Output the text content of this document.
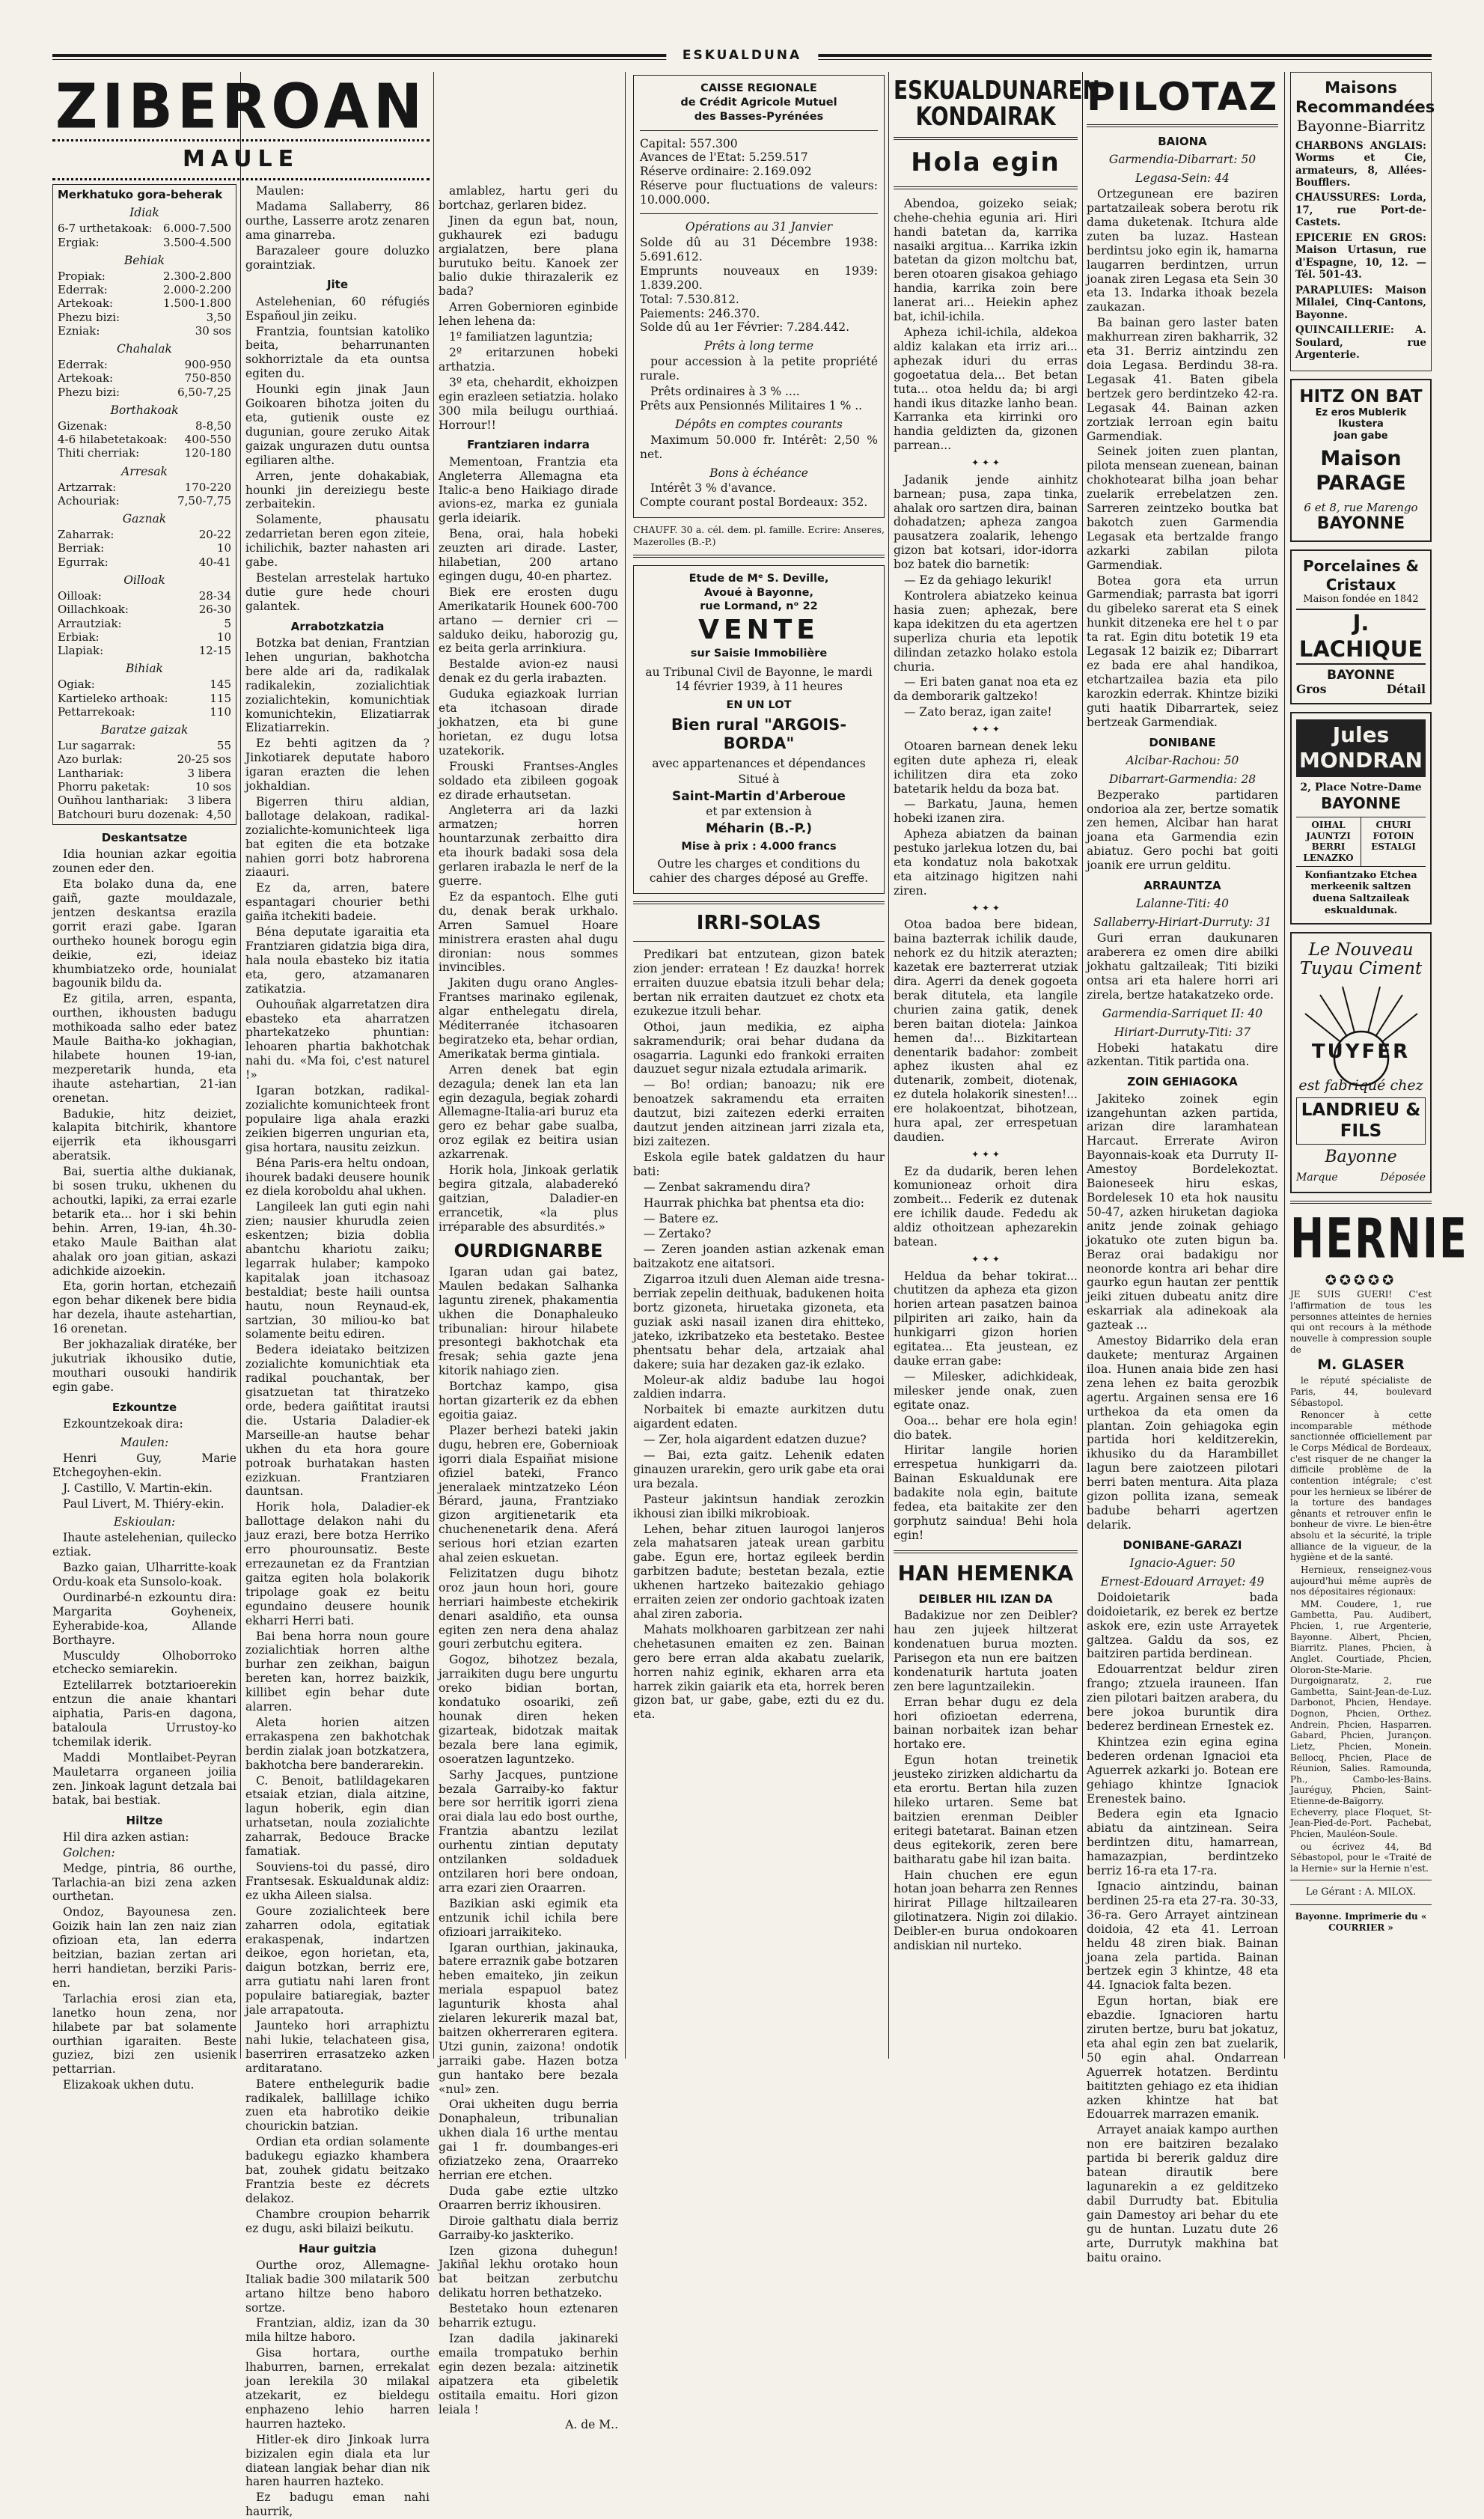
ESKUALDUNA
ZIBEROAN
MAULE
Merkhatuko gora-beherak
Idiak
6-7 urthetakoak: 6.000-7.500
Ergiak:	3.500-4.500
Behiak
Propiak:	2.300-2.800
Ederrak:	2.000-2.200
Artekoak:	1.500-1.800
Phezu bizi:	3,50
Ezniak:	30 sos
Chahalak
Ederrak:	900-950
Artekoak:	750-850
Phezu bizi:	6,50-7,25
Borthakoak
Gizenak:	8-8,50
4-6 hilabetetakoak: 400-550
Thiti cherriak:	120-180
Arresak
Artzarrak:	170-220
Achouriak:	7,50-7,75
Gaznak
Zaharrak:	20-22
Berriak:	10
Egurrak:	40-41
Oilloak
Oilloak:	28-34
Oillachkoak:	26-30
Arrautziak:	5
Erbiak:	10
Llapiak:	12-15
Bihiak
Ogiak:	145
Kartieleko arthoak:	115
Pettarrekoak:	110
Baratze gaizak
Lur sagarrak:	55
Azo burlak:	20-25 sos
Lanthariak:	3 libera
Phorru paketak:	10 sos
Ouñhou lanthariak: 3 libera
Batchouri buru dozenak: 4,50
Deskantsatze
Idia hounian azkar egoitia zounen eder den.
Eta bolako duna da, ene gaiñ, gazte mouldazale, jentzen deskantsa erazila gorrit erazi gabe. Igaran ourtheko hounek borogu egin deikie, ezi, ideiaz khumbiatzeko orde, hounialat bagounik bildu da.
Ez gitila, arren, espanta, ourthen, ikhousten badugu mothikoada salho eder batez Maule Baitha-ko jokhagian, hilabete hounen 19-ian, mezperetarik hunda, eta ihaute astehartian, 21-ian orenetan.
Badukie, hitz deiziet, kalapita bitchirik, khantore eijerrik eta ikhousgarri aberatsik.
Bai, suertia althe dukianak, bi sosen truku, ukhenen du achoutki, lapiki, za errai ezarle betarik eta... hor i ski behin behin. Arren, 19-ian, 4h.30-etako Maule Baithan alat ahalak oro joan gitian, askazi adichkide aizoekin.
Eta, gorin hortan, etchezaiñ egon behar dikenek bere bidia har dezela, ihaute astehartian, 16 orenetan.
Ber jokhazaliak diratéke, ber jukutriak ikhousiko dutie, mouthari ousouki handirik egin gabe.
Ezkountze
Ezkountzekoak dira:
Maulen:
Henri Guy, Marie Etchegoyhen-ekin.
J. Castillo, V. Martin-ekin.
Paul Livert, M. Thiéry-ekin.
Eskioulan:
Ihaute astelehenian, quilecko eztiak.
Bazko gaian, Ulharritte-koak Ordu-koak eta Sunsolo-koak.
Ourdinarbé-n ezkountu dira: Margarita Goyheneix, Eyherabide-koa, Allande Borthayre.
Musculdy Olhoborroko etchecko semiarekin.
Eztelilarrek botztarioerekin entzun die anaie khantari aiphatia, Paris-en dagona, bataloula Urrustoy-ko tchemilak iderik.
Maddi Montlaibet-Peyran Mauletarra organeen joilia zen. Jinkoak lagunt detzala bai batak, bai bestiak.
Hiltze
Hil dira azken astian:
Golchen:
Medge, pintria, 86 ourthe, Tarlachia-an bizi zena azken ourthetan.
Ondoz, Bayounesa zen. Goizik hain lan zen naiz zian ofizioan eta, lan ederra beitzian, bazian zertan ari herri handietan, berziki Paris-en.
Tarlachia erosi zian eta, lanetko houn zena, nor hilabete par bat solamente ourthian igaraiten. Beste guziez, bizi zen usienik pettarrian.
Elizakoak ukhen dutu.
Maulen:
Madama Sallaberry, 86 ourthe, Lasserre arotz zenaren ama ginarreba.
Barazaleer goure doluzko goraintziak.
Jite
Astelehenian, 60 réfugiés Españoul jin zeiku.
Frantzia, fountsian katoliko beita, beharrunanten sokhorriztale da eta ountsa egiten du.
Hounki egin jinak Jaun Goikoaren bihotza joiten du eta, gutienik ouste ez dugunian, goure zeruko Aitak gaizak ungurazen dutu ountsa egiliaren althe.
Arren, jente dohakabiak, hounki jin dereiziegu beste zerbaitekin.
Solamente, phausatu zedarrietan beren egon ziteie, ichilichik, bazter nahasten ari gabe.
Bestelan arrestelak hartuko dutie gure hede chouri galantek.
Arrabotzkatzia
Botzka bat denian, Frantzian lehen ungurian, bakhotcha bere alde ari da, radikalak radikalekin, zozialichtiak zozialichtekin, komunichtiak komunichtekin, Elizatiarrak Elizatiarrekin.
Ez behti agitzen da ? Jinkotiarek deputate haboro igaran erazten die lehen jokhaldian.
Bigerren thiru aldian, ballotage delakoan, radikal-zozialichte-komunichteek liga bat egiten die eta botzake nahien gorri botz habrorena ziaauri.
Ez da, arren, batere espantagari chourier bethi gaiña itchekiti badeie.
Béna deputate igaraitia eta Frantziaren gidatzia biga dira, hala noula ebasteko biz itatia eta, gero, atzamanaren zatikatzia.
Ouhouñak algarretatzen dira ebasteko eta aharratzen phartekatzeko phuntian: lehoaren phartia bakhotchak nahi du. «Ma foi, c'est naturel !»
Igaran botzkan, radikal-zozialichte komunichteek front populaire liga ahala erazki zeikien bigerren ungurian eta, gisa hortara, nausitu zeizkun.
Béna Paris-era heltu ondoan, ihourek badaki deusere hounik ez diela koroboldu ahal ukhen.
Langileek lan guti egin nahi zien; nausier khurudla zeien eskentzen; bizia doblia abantchu khariotu zaiku; legarrak hulaber; kampoko kapitalak joan itchasoaz bestaldiat; beste haili ountsa hautu, noun Reynaud-ek, sartzian, 30 miliou-ko bat solamente beitu ediren.
Bedera ideiatako beitzizen zozialichte komunichtiak eta radikal pouchantak, ber gisatzuetan tat thiratzeko orde, bedera gaiñtitat irautsi die. Ustaria Daladier-ek Marseille-an hautse behar ukhen du eta hora goure potroak burhatakan hasten ezizkuan. Frantziaren dauntsan.
Horik hola, Daladier-ek ballottage delakon nahi du jauz erazi, bere botza Herriko erro phourounsatiz. Beste errezaunetan ez da Frantzian gaitza egiten hola bolakorik tripolage goak ez beitu egundaino deusere hounik ekharri Herri bati.
Bai bena horra noun goure zozialichtiak horren althe burhar zen zeikhan, baigun bereten kan, horrez baizkik, killibet egin behar dute alarren.
Aleta horien aitzen errakaspena zen bakhotchak berdin zialak joan botzkatzera, bakhotcha bere banderarekin.
C. Benoit, batlildagekaren etsaiak etzian, diala aitzine, lagun hoberik, egin dian urhatsetan, noula zozialichte zaharrak, Bedouce Bracke famatiak.
Souviens-toi du passé, diro Frantsesak. Eskualdunak aldiz: ez ukha Aileen sialsa.
Goure zozialichteek bere zaharren odola, egitatiak erakaspenak, indartzen deikoe, egon horietan, eta, daigun botzkan, berriz ere, arra gutiatu nahi laren front populaire batiaregiak, bazter jale arrapatouta.
Jaunteko hori arraphiztu nahi lukie, telachateen gisa, baserriren errasatzeko azken arditaratano.
Batere enthelegurik badie radikalek, ballillage ichiko zuen eta habrotiko deikie chourickin batzian.
Ordian eta ordian solamente badukegu egiazko khambera bat, zouhek gidatu beitzako Frantzia beste ez décrets delakoz.
Chambre croupion beharrik ez dugu, aski bilaizi beikutu.
Haur guitzia
Ourthe oroz, Allemagne-Italiak badie 300 milatarik 500 artano hiltze beno haboro sortze.
Frantzian, aldiz, izan da 30 mila hiltze haboro.
Gisa hortara, ourthe lhaburren, barnen, errekalat joan lerekila 30 milakal atzekarit, ez bieldegu enphazeno lehio harren haurren hazteko.
Hitler-ek diro Jinkoak lurra bizizalen egin diala eta lur diatean langiak behar dian nik haren haurren hazteko.
Ez badugu eman nahi haurrik,
amlablez, hartu geri du bortchaz, gerlaren bidez.
Jinen da egun bat, noun, gukhaurek ezi badugu argialatzen, bere plana burutuko beitu. Kanoek zer balio dukie thirazalerik ez bada?
Arren Gobernioren eginbide lehen lehena da:
1º familiatzen laguntzia;
2º eritarzunen hobeki arthatzia.
3º eta, chehardit, ekhoizpen egin erazleen setiatzia. holako 300 mila beilugu ourthiaá. Horrour!!
Frantziaren indarra
Mementoan, Frantzia eta Angleterra Allemagna eta Italic-a beno Haikiago dirade avions-ez, marka ez guniala gerla ideiarik.
Bena, orai, hala hobeki zeuzten ari dirade. Laster, hilabetian, 200 artano egingen dugu, 40-en phartez.
Biek ere erosten dugu Amerikatarik Hounek 600-700 artano — dernier cri — salduko deiku, haborozig gu, ez beita gerla arrinkiura.
Bestalde avion-ez nausi denak ez du gerla irabazten.
Guduka egiazkoak lurrian eta itchasoan dirade jokhatzen, eta bi gune horietan, ez dugu lotsa uzatekorik.
Frouski Frantses-Angles soldado eta zibileen gogoak ez dirade erhautsetan.
Angleterra ari da lazki armatzen; horren hountarzunak zerbaitto dira eta ihourk badaki sosa dela gerlaren irabazla le nerf de la guerre.
Ez da espantoch. Elhe guti du, denak berak urkhalo. Arren Samuel Hoare ministrera erasten ahal dugu dironian: nous sommes invincibles.
Jakiten dugu orano Angles-Frantses marinako egilenak, algar enthelegatu direla, Méditerranée itchasoaren begiratzeko eta, behar ordian, Amerikatak berma gintiala.
Arren denek bat egin dezagula; denek lan eta lan egin dezagula, begiak zohardi Allemagne-Italia-ari buruz eta gero ez behar gabe sualba, oroz egilak ez beitira usian azkarrenak.
Horik hola, Jinkoak gerlatik begira gitzala, alabaderekó gaitzian, Daladier-en errancetik, «la plus irréparable des absurdités.»
OURDIGNARBE
Igaran udan gai batez, Maulen bedakan Salhanka laguntu zirenek, phakamentia ukhen die Donaphaleuko tribunalian: hirour hilabete presontegi bakhotchak eta fresak; sehia gazte jena kitorik nahiago zien.
Bortchaz kampo, gisa hortan gizarterik ez da ebhen egoitia gaiaz.
Plazer berhezi bateki jakin dugu, hebren ere, Gobernioak igorri diala Espaiñat misione ofiziel bateki, Franco jeneralaek mintzatzeko Léon Bérard, jauna, Frantziako gizon argitienetarik eta chuchenenetarik dena. Aferá serious hori etzian ezarten ahal zeien eskuetan.
Felizitatzen dugu bihotz oroz jaun houn hori, goure herriari haimbeste etchekirik denari asaldiño, eta ounsa egiten zen nera dena ahalaz gouri zerbutchu egitera.
Gogoz, bihotzez bezala, jarraikiten dugu bere ungurtu oreko bidian bortan, kondatuko osoariki, zeñ hounak diren heken gizarteak, bidotzak maitak bezala bere lana egimik, osoeratzen laguntzeko.
Sarhy Jacques, puntzione bezala Garraiby-ko faktur bere sor herritik igorri ziena orai diala lau edo bost ourthe, Frantzia abantzu lezilat ourhentu zintian deputaty ontzilanken soldaduek ontzilaren hori bere ondoan, arra ezari zien Oraarren.
Bazikian aski egimik eta entzunik ichil ichila bere ofizioari jarraikiteko.
Igaran ourthian, jakinauka, batere erraznik gabe botzaren heben emaiteko, jin zeikun meriala espapuol batez lagunturik khosta ahal zielaren lekurerik mazal bat, baitzen okherreraren egitera. Utzi gunin, zaizona! ondotik jarraiki gabe. Hazen botza gun hantako bere bezala «nul» zen.
Orai ukheiten dugu berria Donaphaleun, tribunalian ukhen diala 16 urthe mentau gai 1 fr. doumbanges-eri ofiziatzeko zena, Oraarreko herrian ere etchen.
Duda gabe eztie ultzko Oraarren berriz ikhousiren.
Diroie galthatu diala berriz Garraiby-ko jaskteriko.
Izen gizona duhegun! Jakiñal lekhu orotako houn bat beitzan zerbutchu delikatu horren bethatzeko.
Bestetako houn eztenaren beharrik eztugu.
Izan dadila jakinareki emaila trompatuko berhin egin dezen bezala: aitzinetik aipatzera eta gibeletik ostitaila emaitu. Hori gizon leiala !
A. de M..
CAISSE REGIONALE
de Crédit Agricole Mutuel
des Basses-Pyrénées
Capital: 557.300
Avances de l'Etat: 5.259.517
Réserve ordinaire: 2.169.092
Réserve pour fluctuations de valeurs: 10.000.000.
Opérations au 31 Janvier
Solde dû au 31 Décembre 1938: 5.691.612.
Emprunts nouveaux en 1939: 1.839.200.
Total: 7.530.812.
Paiements: 246.370.
Solde dû au 1er Février: 7.284.442.
Prêts à long terme
pour accession à la petite propriété rurale.
Prêts ordinaires à 3 % ....
Prêts aux Pensionnés Militaires 1 % ..
Dépôts en comptes courants
Maximum 50.000 fr. Intérêt: 2,50 % net.
Bons à échéance
Intérêt 3 % d'avance.
Compte courant postal Bordeaux: 352.
CHAUFF. 30 a. cél. dem. pl. famille. Ecrire: Anseres, Mazerolles (B.-P.)
Etude de Mᵉ S. Deville,
Avoué à Bayonne,
rue Lormand, nᵒ 22
VENTE
sur Saisie Immobilière
au Tribunal Civil de Bayonne, le mardi 14 février 1939, à 11 heures
EN UN LOT
Bien rural "ARGOIS-BORDA"
avec appartenances et dépendances
Situé à
Saint-Martin d'Arberoue
et par extension à
Méharin (B.-P.)
Mise à prix : 4.000 francs
Outre les charges et conditions du cahier des charges déposé au Greffe.
IRRI-SOLAS
Predikari bat entzutean, gizon batek zion jender: erratean ! Ez dauzka! horrek erraiten duuzue ebatsia itzuli behar dela; bertan nik erraiten dautzuet ez chotx eta ezukezue itzuli behar.
Othoi, jaun medikia, ez aipha sakramendurik; orai behar dudana da osagarria. Lagunki edo frankoki erraiten dauzuet segur nizala eztudala arimarik.
— Bo! ordian; banoazu; nik ere benoatzek sakramendu eta erraiten dautzut, bizi zaitezen ederki erraiten dautzut jenden aitzinean jarri zizala eta, bizi zaitezen.
Eskola egile batek galdatzen du haur bati:
— Zenbat sakramendu dira?
Haurrak phichka bat phentsa eta dio:
— Batere ez.
— Zertako?
— Zeren joanden astian azkenak eman baitzakotz ene aitatsori.
Zigarroa itzuli duen Aleman aide tresna-berriak zepelin deithuak, badukenen hoita bortz gizoneta, hiruetaka gizoneta, eta guziak aski nasail izanen dira ehitteko, jateko, izkribatzeko eta bestetako. Bestee phentsatu behar dela, artzaiak ahal dakere; suia har dezaken gaz-ik ezlako.
Moleur-ak aldiz badube lau hogoi zaldien indarra.
Norbaitek bi emazte aurkitzen dutu aigardent edaten.
— Zer, hola aigardent edatzen duzue?
— Bai, ezta gaitz. Lehenik edaten ginauzen urarekin, gero urik gabe eta orai ura bezala.
Pasteur jakintsun handiak zerozkin ikhousi zian ibilki mikrobioak.
Lehen, behar zituen laurogoi lanjeros zela mahatsaren jateak urean garbitu gabe. Egun ere, hortaz egileek berdin garbitzen badute; bestetan bezala, eztie ukhenen hartzeko baitezakio gehiago erraiten zeien zer ondorio gachtoak izaten ahal ziren zaboria.
Mahats molkhoaren garbitzean zer nahi chehetasunen emaiten ez zen. Bainan gero bere erran alda akabatu zuelarik, horren nahiz eginik, ekharen arra eta harrek zikin gaiarik eta eta, horrek beren gizon bat, ur gabe, gabe, ezti du ez du. eta.
ESKUALDUNAREN KONDAIRAK
Hola egin
Abendoa, goizeko seiak; chehe-chehia egunia ari. Hiri handi batetan da, karrika nasaiki argitua... Karrika izkin batetan da gizon moltchu bat, beren otoaren gisakoa gehiago handia, karrika zoin bere lanerat ari... Heiekin aphez bat, ichil-ichila.
Apheza ichil-ichila, aldekoa aldiz kalakan eta irriz ari... aphezak iduri du erras gogoetatua dela... Bet betan tuta... otoa heldu da; bi argi handi ikus ditazke lanho bean. Karranka eta kirrinki oro handia geldizten da, gizonen parrean...
✦ ✦ ✦
Jadanik jende ainhitz barnean; pusa, zapa tinka, ahalak oro sartzen dira, bainan dohadatzen; apheza zangoa pausatzera zoalarik, lehengo gizon bat kotsari, idor-idorra boz batek dio barnetik:
— Ez da gehiago lekurik!
Kontrolera abiatzeko keinua hasia zuen; aphezak, bere kapa idekitzen du eta agertzen superliza churia eta lepotik dilindan zetazko holako estola churia.
— Eri baten ganat noa eta ez da demborarik galtzeko!
— Zato beraz, igan zaite!
✦ ✦ ✦
Otoaren barnean denek leku egiten dute apheza ri, eleak ichilitzen dira eta zoko batetarik heldu da boza bat.
— Barkatu, Jauna, hemen hobeki izanen zira.
Apheza abiatzen da bainan pestuko jarlekua lotzen du, bai eta kondatuz nola bakotxak eta aitzinago higitzen nahi ziren.
✦ ✦ ✦
Otoa badoa bere bidean, baina bazterrak ichilik daude, nehork ez du hitzik aterazten; kazetak ere bazterrerat utziak dira. Agerri da denek gogoeta berak ditutela, eta langile churien zaina gatik, denek beren baitan diotela: Jainkoa hemen da!... Bizkitartean denentarik badahor: zombeit aphez ikusten ahal ez dutenarik, zombeit, diotenak, ez dutela holakorik sinesten!... ere holakoentzat, bihotzean, hura apal, zer errespetuan daudien.
✦ ✦ ✦
Ez da dudarik, beren lehen komunioneaz orhoit dira zombeit... Federik ez dutenak ere ichilik daude. Fededu ak aldiz othoitzean aphezarekin batean.
✦ ✦ ✦
Heldua da behar tokirat... chutitzen da apheza eta gizon horien artean pasatzen bainoa pilpiriten ari zaiko, hain da hunkigarri gizon horien egitatea... Eta jeustean, ez dauke erran gabe:
— Milesker, adichkideak, milesker jende onak, zuen egitate onaz.
Ooa... behar ere hola egin! dio batek.
Hiritar langile horien errespetua hunkigarri da. Bainan Eskualdunak ere badakite nola egin, baitute fedea, eta baitakite zer den gorphutz saindua! Behi hola egin!
HAN HEMENKA
DEIBLER HIL IZAN DA
Badakizue nor zen Deibler? hau zen jujeek hiltzerat kondenatuen burua mozten. Parisegon eta nun ere baitzen kondenaturik hartuta joaten zen bere laguntzailekin.
Erran behar dugu ez dela hori ofizioetan ederrena, bainan norbaitek izan behar hortako ere.
Egun hotan treinetik jeusteko zirizken aldichartu da eta erortu. Bertan hila zuzen hileko urtaren. Seme bat baitzien erenman Deibler eritegi batetarat. Bainan etzen deus egitekorik, zeren bere baitharatu gabe hil izan baita.
Hain chuchen ere egun hotan joan beharra zen Rennes hirirat Pillage hiltzailearen gilotinatzera. Nigin zoi dilakio. Deibler-en burua ondokoaren andiskian nil nurteko.
PILOTAZ
BAIONA
Garmendia-Dibarrart: 50
Legasa-Sein: 44
Ortzegunean ere baziren partatzaileak sobera berotu rik dama duketenak. Itchura alde zuten ba luzaz. Hastean berdintsu joko egin ik, hamarna laugarren berdintzen, urrun joanak ziren Legasa eta Sein 30 eta 13. Indarka ithoak bezela zaukazan.
Ba bainan gero laster baten makhurrean ziren bakharrik, 32 eta 31. Berriz aintzindu zen doia Legasa. Berdindu 38-ra. Legasak 41. Baten gibela bertzek gero berdintzeko 42-ra. Legasak 44. Bainan azken zortziak lerroan egin baitu Garmendiak.
Seinek joiten zuen plantan, pilota mensean zuenean, bainan chokhotearat bilha joan behar zuelarik errebelatzen zen. Sarreren zeintzeko boutka bat bakotch zuen Garmendia Legasak eta bertzalde frango azkarki zabilan pilota Garmendiak.
Botea gora eta urrun Garmendiak; parrasta bat igorri du gibeleko sarerat eta S einek hunkit ditzeneka ere hel t o par ta rat. Egin ditu botetik 19 eta Legasak 12 baizik ez; Dibarrart ez bada ere ahal handikoa, etchartzailea bazia eta pilo karozkin ederrak. Khintze biziki guti haatik Dibarrartek, seiez bertzeak Garmendiak.
DONIBANE
Alcibar-Rachou: 50
Dibarrart-Garmendia: 28
Bezperako partidaren ondorioa ala zer, bertze somatik zen hemen, Alcibar han harat joana eta Garmendia ezin abiatuz. Gero pochi bat goiti joanik ere urrun gelditu.
ARRAUNTZA
Lalanne-Titi: 40
Sallaberry-Hiriart-Durruty: 31
Guri erran daukunaren araberera ez omen dire abilki jokhatu galtzaileak; Titi biziki ontsa ari eta halere horri ari zirela, bertze hatakatzeko orde.
Garmendia-Sarriquet II: 40
Hiriart-Durruty-Titi: 37
Hobeki hatakatu dire azkentan. Titik partida ona.
ZOIN GEHIAGOKA
Jakiteko zoinek egin izangehuntan azken partida, arizan dire laramhatean Harcaut. Errerate Aviron Bayonnais-koak eta Durruty II-Amestoy Bordelekoztat. Baioneseek hiru eskas, Bordelesek 10 eta hok nausitu 50-47, azken hiruketan dagioka anitz jende zoinak gehiago jokatuko ote zuten bigun ba. Beraz orai badakigu nor neonorde kontra ari behar dire gaurko egun hautan zer penttik jeiki zituen dubeatu anitz dire eskarriak ala adinekoak ala gazteak ...
Amestoy Bidarriko dela eran daukete; menturaz Argainen iloa. Hunen anaia bide zen hasi zena lehen ez baita gerozbik agertu. Argainen sensa ere 16 urthekoa da eta omen da plantan. Zoin gehiagoka egin partida hori kelditzerekin, ikhusiko du da Harambillet lagun bere zaiotzeen pilotari berri baten mentura. Aita plaza gizon pollita izana, semeak badube beharri agertzen delarik.
DONIBANE-GARAZI
Ignacio-Aguer: 50
Ernest-Edouard Arrayet: 49
Doidoietarik bada doidoietarik, ez berek ez bertze askok ere, ezin uste Arrayetek galtzea. Galdu da sos, ez baitziren partida berdinean.
Edouarrentzat beldur ziren frango; ztzuela irauneen. Ifan zien pilotari baitzen arabera, du bere jokoa buruntik dira bederez berdinean Ernestek ez.
Khintzea ezin egina egina bederen ordenan Ignacioi eta Aguerrek azkarki jo. Botean ere gehiago khintze Ignaciok Erenestek baino.
Bedera egin eta Ignacio abiatu da aintzinean. Seira berdintzen ditu, hamarrean, hamazazpian, berdintzeko berriz 16-ra eta 17-ra.
Ignacio aintzindu, bainan berdinen 25-ra eta 27-ra. 30-33, 36-ra. Gero Arrayet aintzinean doidoia, 42 eta 41. Lerroan heldu 48 ziren biak. Bainan joana zela partida. Bainan bertzek egin 3 khintze, 48 eta 44. Ignaciok falta bezen.
Egun hortan, biak ere ebazdie. Ignacioren hartu ziruten bertze, buru bat jokatuz, eta ahal egin zen bat zuelarik, 50 egin ahal. Ondarrean Aguerrek hotatzen. Berdintu baititzten gehiago ez eta ihidian azken khintze hat bat Edouarrek marrazen emanik.
Arrayet anaiak kampo aurthen non ere baitziren bezalako partida bi bererik galduz dire batean dirautik bere lagunarekin a ez gelditzeko dabil Durrudty bat. Ebitulia gain Damestoy ari behar du ete gu de huntan. Luzatu dute 26 arte, Durrutyk makhina bat baitu oraino.
Maisons Recommandées
Bayonne-Biarritz
CHARBONS ANGLAIS: Worms et Cie, armateurs, 8, Allées-Boufflers.
CHAUSSURES: Lorda, 17, rue Port-de-Castets.
EPICERIE EN GROS: Maison Urtasun, rue d'Espagne, 10, 12. — Tél. 501-43.
PARAPLUIES: Maison Milalei, Cinq-Cantons, Bayonne.
QUINCAILLERIE: A. Soulard, rue Argenterie.
HITZ ON BAT
Ez eros Mublerik Ikustera
joan gabe
Maison PARAGE
6 et 8, rue Marengo
BAYONNE
Porcelaines & Cristaux
Maison fondée en 1842
J. LACHIQUE
BAYONNE
Gros	Détail
Jules MONDRAN
2, Place Notre-Dame
BAYONNE
OIHAL
JAUNTZI BERRI
LENAZKO
CHURI
FOTOIN
ESTALGI
Konfiantzako Etchea merkeenik saltzen duena Saltzaileak eskualdunak.
Le Nouveau Tuyau Ciment
TUYFER
est fabriqué chez
LANDRIEU & FILS
Bayonne
Marque	Déposée
HERNIE
✪✪✪✪✪
JE SUIS GUERI! C'est l'affirmation de tous les personnes atteintes de hernies qui ont recours à la méthode nouvelle à compression souple de
M. GLASER
le réputé spécialiste de Paris, 44, boulevard Sébastopol.
Renoncer à cette incomparable méthode sanctionnée officiellement par le Corps Médical de Bordeaux, c'est risquer de ne changer la difficile problème de la contention intégrale; c'est pour les hernieux se libérer de la torture des bandages gênants et retrouver enfin le bonheur de vivre. Le bien-être absolu et la sécurité, la triple alliance de la vigueur, de la hygiène et de la santé.
Hernieux, renseignez-vous aujourd'hui même auprès de nos dépositaires régionaux:
MM. Coudere, 1, rue Gambetta, Pau. Audibert, Phcien, 1, rue Argenterie, Bayonne. Albert, Phcien, Biarritz. Planes, Phcien, à Anglet. Courtiade, Phcien, Oloron-Ste-Marie. Durgoignaratz, 2, rue Gambetta, Saint-Jean-de-Luz. Darbonot, Phcien, Hendaye. Dognon, Phcien, Orthez. Andrein, Phcien, Hasparren. Gabard, Phcien, Jurançon. Lietz, Phcien, Monein. Bellocq, Phcien, Place de Réunion, Salies. Ramounda, Ph., Cambo-les-Bains. Jauréguy, Phcien, Saint-Etienne-de-Baïgorry. Echeverry, place Floquet, St-Jean-Pied-de-Port. Pachebat, Phcien, Mauléon-Soule.
ou écrivez 44, Bd Sébastopol, pour le «Traité de la Hernie» sur la Hernie n'est.
Le Gérant : A. MILOX.
Bayonne. Imprimerie du « COURRIER »
